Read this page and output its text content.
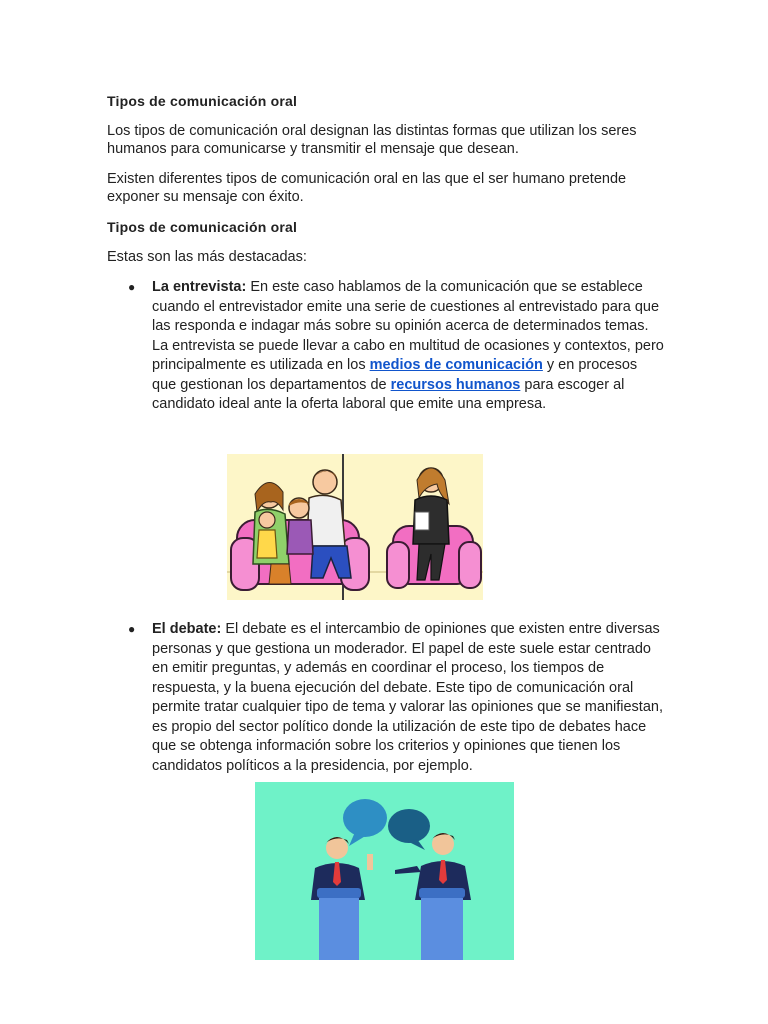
Tipos de comunicación oral

Los tipos de comunicación oral designan las distintas formas que utilizan los seres humanos para comunicarse y transmitir el mensaje que desean.

Existen diferentes tipos de comunicación oral en las que el ser humano pretende exponer su mensaje con éxito.

Tipos de comunicación oral

Estas son las más destacadas:

● La entrevista: En este caso hablamos de la comunicación que se establece cuando el entrevistador emite una serie de cuestiones al entrevistado para que las responda e indagar más sobre su opinión acerca de determinados temas. La entrevista se puede llevar a cabo en multitud de ocasiones y contextos, pero principalmente es utilizada en los medios de comunicación y en procesos que gestionan los departamentos de recursos humanos para escoger al candidato ideal ante la oferta laboral que emite una empresa.
● El debate: El debate es el intercambio de opiniones que existen entre diversas personas y que gestiona un moderador. El papel de este suele estar centrado en emitir preguntas, y además en coordinar el proceso, los tiempos de respuesta, y la buena ejecución del debate. Este tipo de comunicación oral permite tratar cualquier tipo de tema y valorar las opiniones que se manifiestan, es propio del sector político donde la utilización de este tipo de debates hace que se obtenga información sobre los criterios y opiniones que tienen los candidatos políticos a la presidencia, por ejemplo.
